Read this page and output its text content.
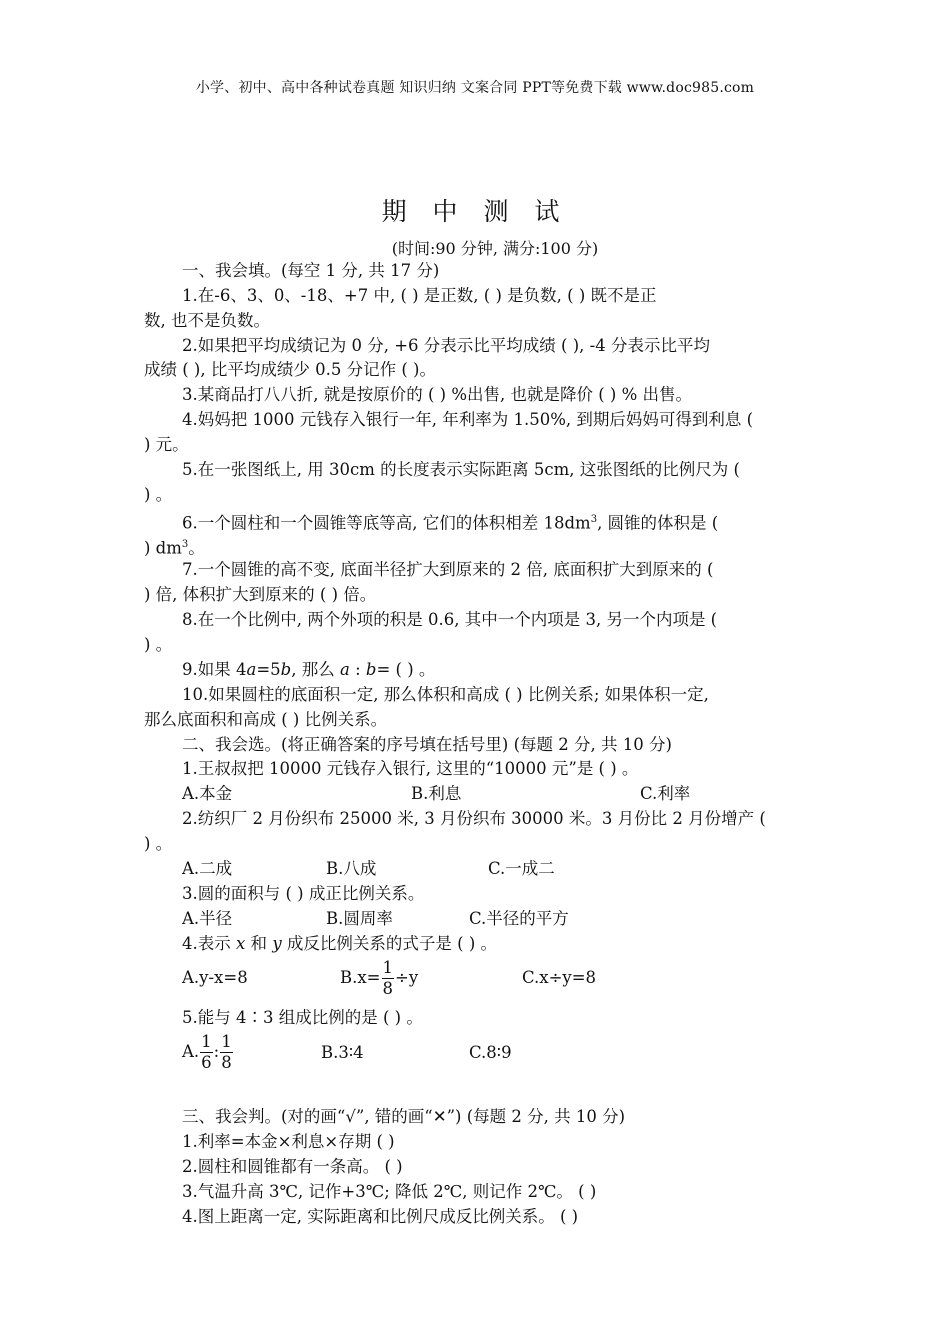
小学、初中、高中各种试卷真题 知识归纳 文案合同 PPT等免费下载 www.doc985.com
期 中 测 试
(时间:90 分钟, 满分:100 分)
一、我会填。(每空 1 分, 共 17 分)
1.在-6、3、0、-18、+7 中, ( ) 是正数, ( ) 是负数, ( ) 既不是正
数, 也不是负数。
2.如果把平均成绩记为 0 分, +6 分表示比平均成绩 ( ), -4 分表示比平均
成绩 ( ), 比平均成绩少 0.5 分记作 ( )。
3.某商品打八八折, 就是按原价的 ( ) %出售, 也就是降价 ( ) % 出售。
4.妈妈把 1000 元钱存入银行一年, 年利率为 1.50%, 到期后妈妈可得到利息 (
) 元。
5.在一张图纸上, 用 30cm 的长度表示实际距离 5cm, 这张图纸的比例尺为 (
) 。
6.一个圆柱和一个圆锥等底等高, 它们的体积相差 $18dm^3$, 圆锥的体积是 (
) $dm^3$。
7.一个圆锥的高不变, 底面半径扩大到原来的 2 倍, 底面积扩大到原来的 (
) 倍, 体积扩大到原来的 ( ) 倍。
8.在一个比例中, 两个外项的积是 0.6, 其中一个内项是 3, 另一个内项是 (
) 。
9.如果 4a=5b, 那么 a : b= ( ) 。
10.如果圆柱的底面积一定, 那么体积和高成 ( ) 比例关系; 如果体积一定,
那么底面积和高成 ( ) 比例关系。
二、我会选。(将正确答案的序号填在括号里) (每题 2 分, 共 10 分)
1.王叔叔把 10000 元钱存入银行, 这里的“10000 元”是 ( ) 。
A.本金	B.利息	C.利率
2.纺织厂 2 月份织布 25000 米, 3 月份织布 30000 米。3 月份比 2 月份增产 (
) 。
A.二成	B.八成	C.一成二
3.圆的面积与 ( ) 成正比例关系。
A.半径	B.圆周率	C.半径的平方
4.表示 x 和 y 成反比例关系的式子是 ( ) 。
A.y-x=8	$B.x= \frac{1}{8} \div y$	C.x÷y=8
5.能与 4∶3 组成比例的是 ( ) 。
A. $\frac{1}{6}$ : $\frac{1}{8}$	B.3∶4	C.8∶9
三、我会判。(对的画“√”, 错的画“✕”) (每题 2 分, 共 10 分)
1.利率=本金×利息×存期 ( )
2.圆柱和圆锥都有一条高。 ( )
3.气温升高 3℃, 记作+3℃; 降低 2℃, 则记作 2℃。 ( )
4.图上距离一定, 实际距离和比例尺成反比例关系。 ( )
